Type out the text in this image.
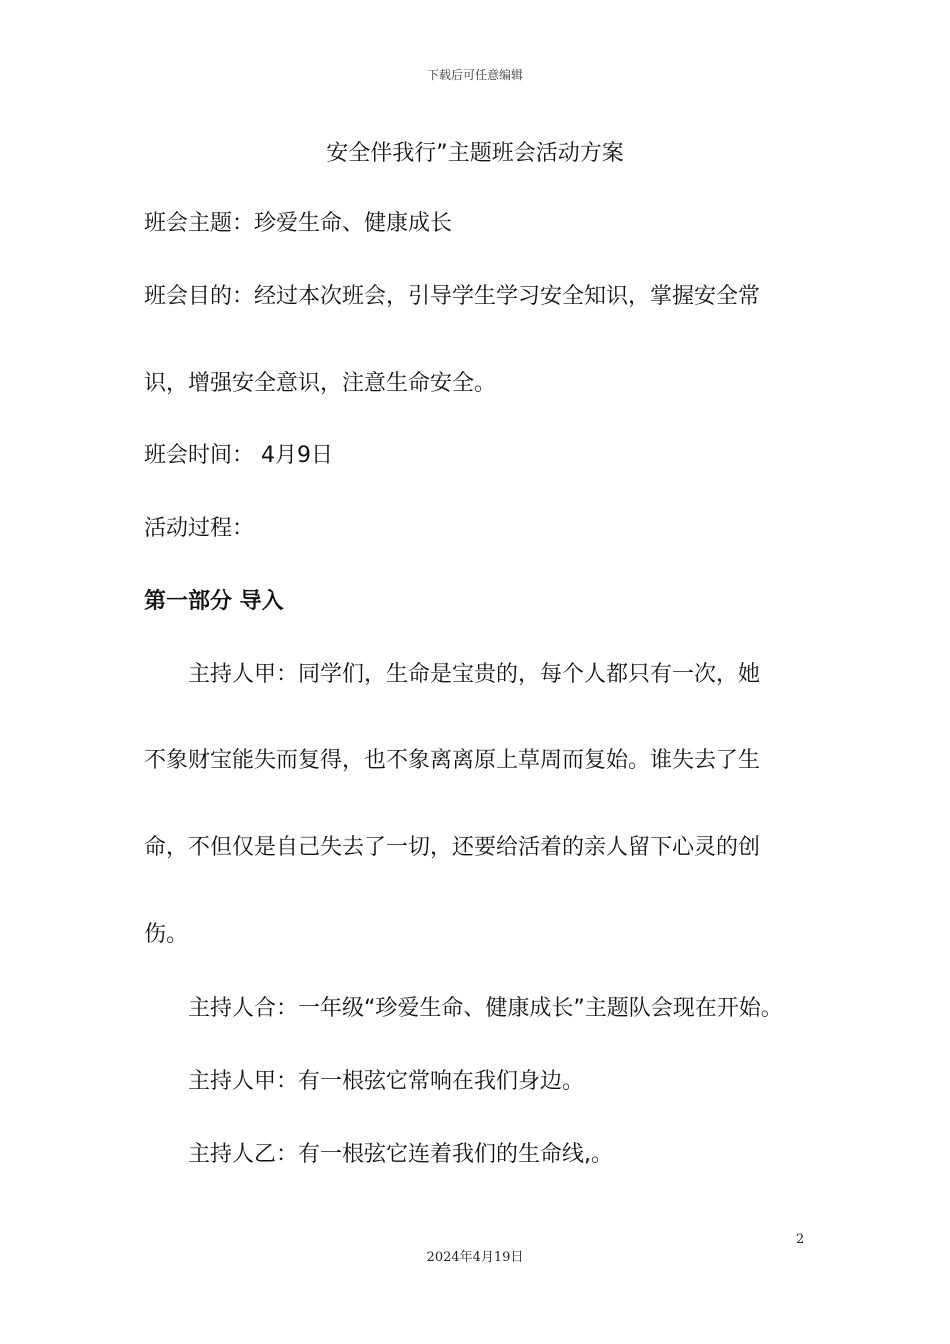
下载后可任意编辑
安全伴我行”主题班会活动方案
班会主题：珍爱生命、健康成长
班会目的：经过本次班会，引导学生学习安全知识，掌握安全常
识，增强安全意识，注意生命安全。
班会时间： 4月9日
活动过程：
第一部分 导入
主持人甲：同学们，生命是宝贵的，每个人都只有一次，她
不象财宝能失而复得，也不象离离原上草周而复始。谁失去了生
命，不但仅是自己失去了一切，还要给活着的亲人留下心灵的创
伤。
主持人合：一年级“珍爱生命、健康成长”主题队会现在开始。
主持人甲：有一根弦它常响在我们身边。
主持人乙：有一根弦它连着我们的生命线,。
2
2024年4月19日
